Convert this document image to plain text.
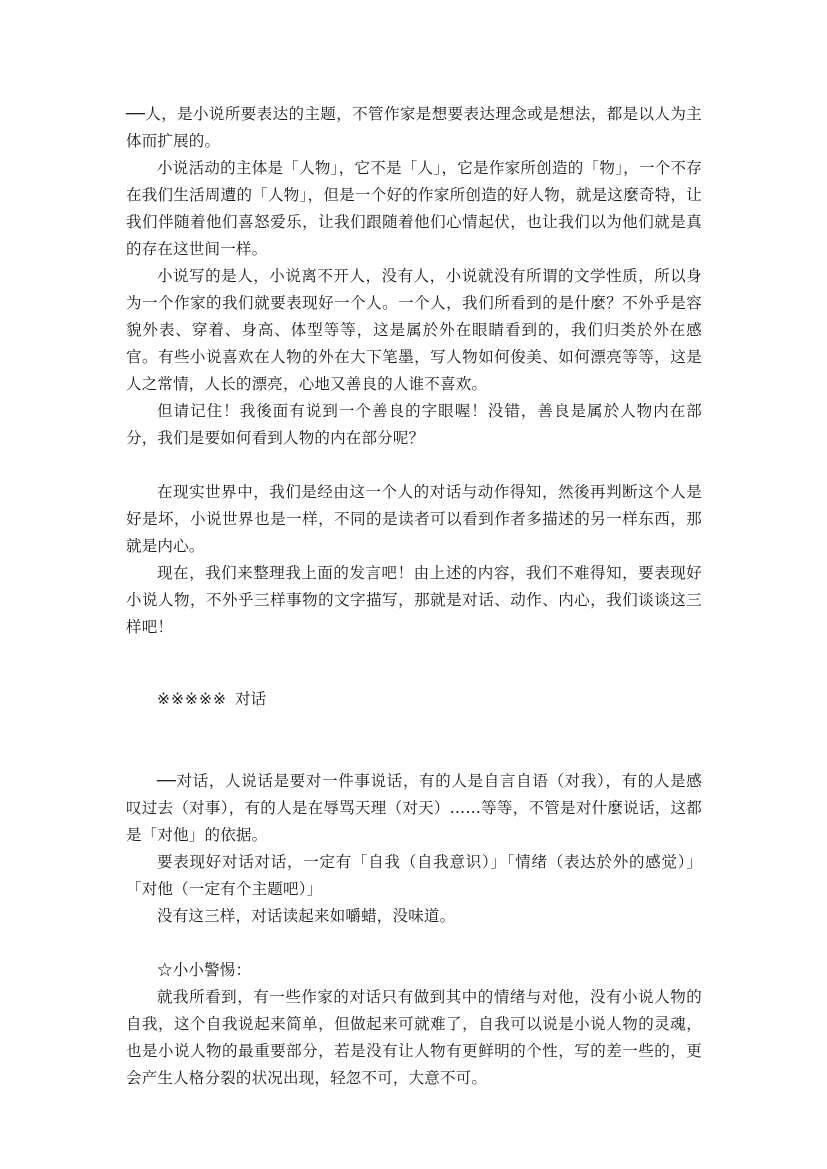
──人，是小说所要表达的主题，不管作家是想要表达理念或是想法，都是以人为主体而扩展的。

小说活动的主体是「人物」，它不是「人」，它是作家所创造的「物」，一个不存在我们生活周遭的「人物」，但是一个好的作家所创造的好人物，就是这麼奇特，让我们伴随着他们喜怒爱乐，让我们跟随着他们心情起伏，也让我们以为他们就是真的存在这世间一样。

小说写的是人，小说离不开人，没有人，小说就没有所谓的文学性质，所以身为一个作家的我们就要表现好一个人。一个人，我们所看到的是什麼？不外乎是容貌外表、穿着、身高、体型等等，这是属於外在眼睛看到的，我们归类於外在感官。有些小说喜欢在人物的外在大下笔墨，写人物如何俊美、如何漂亮等等，这是人之常情，人长的漂亮，心地又善良的人谁不喜欢。

但请记住！我後面有说到一个善良的字眼喔！没错，善良是属於人物内在部分，我们是要如何看到人物的内在部分呢？

在现实世界中，我们是经由这一个人的对话与动作得知，然後再判断这个人是好是坏，小说世界也是一样，不同的是读者可以看到作者多描述的另一样东西，那就是内心。

现在，我们来整理我上面的发言吧！由上述的内容，我们不难得知，要表现好小说人物，不外乎三样事物的文字描写，那就是对话、动作、内心，我们谈谈这三样吧！

※※※※※ 对话

──对话，人说话是要对一件事说话，有的人是自言自语（对我），有的人是感叹过去（对事），有的人是在辱骂天理（对天）……等等，不管是对什麼说话，这都是「对他」的依据。

要表现好对话对话，一定有「自我（自我意识）」「情绪（表达於外的感觉）」「对他（一定有个主题吧）」

没有这三样，对话读起来如嚼蜡，没味道。

☆小小警惕：

就我所看到，有一些作家的对话只有做到其中的情绪与对他，没有小说人物的自我，这个自我说起来简单，但做起来可就难了，自我可以说是小说人物的灵魂，也是小说人物的最重要部分，若是没有让人物有更鲜明的个性，写的差一些的，更会产生人格分裂的状况出现，轻忽不可，大意不可。
